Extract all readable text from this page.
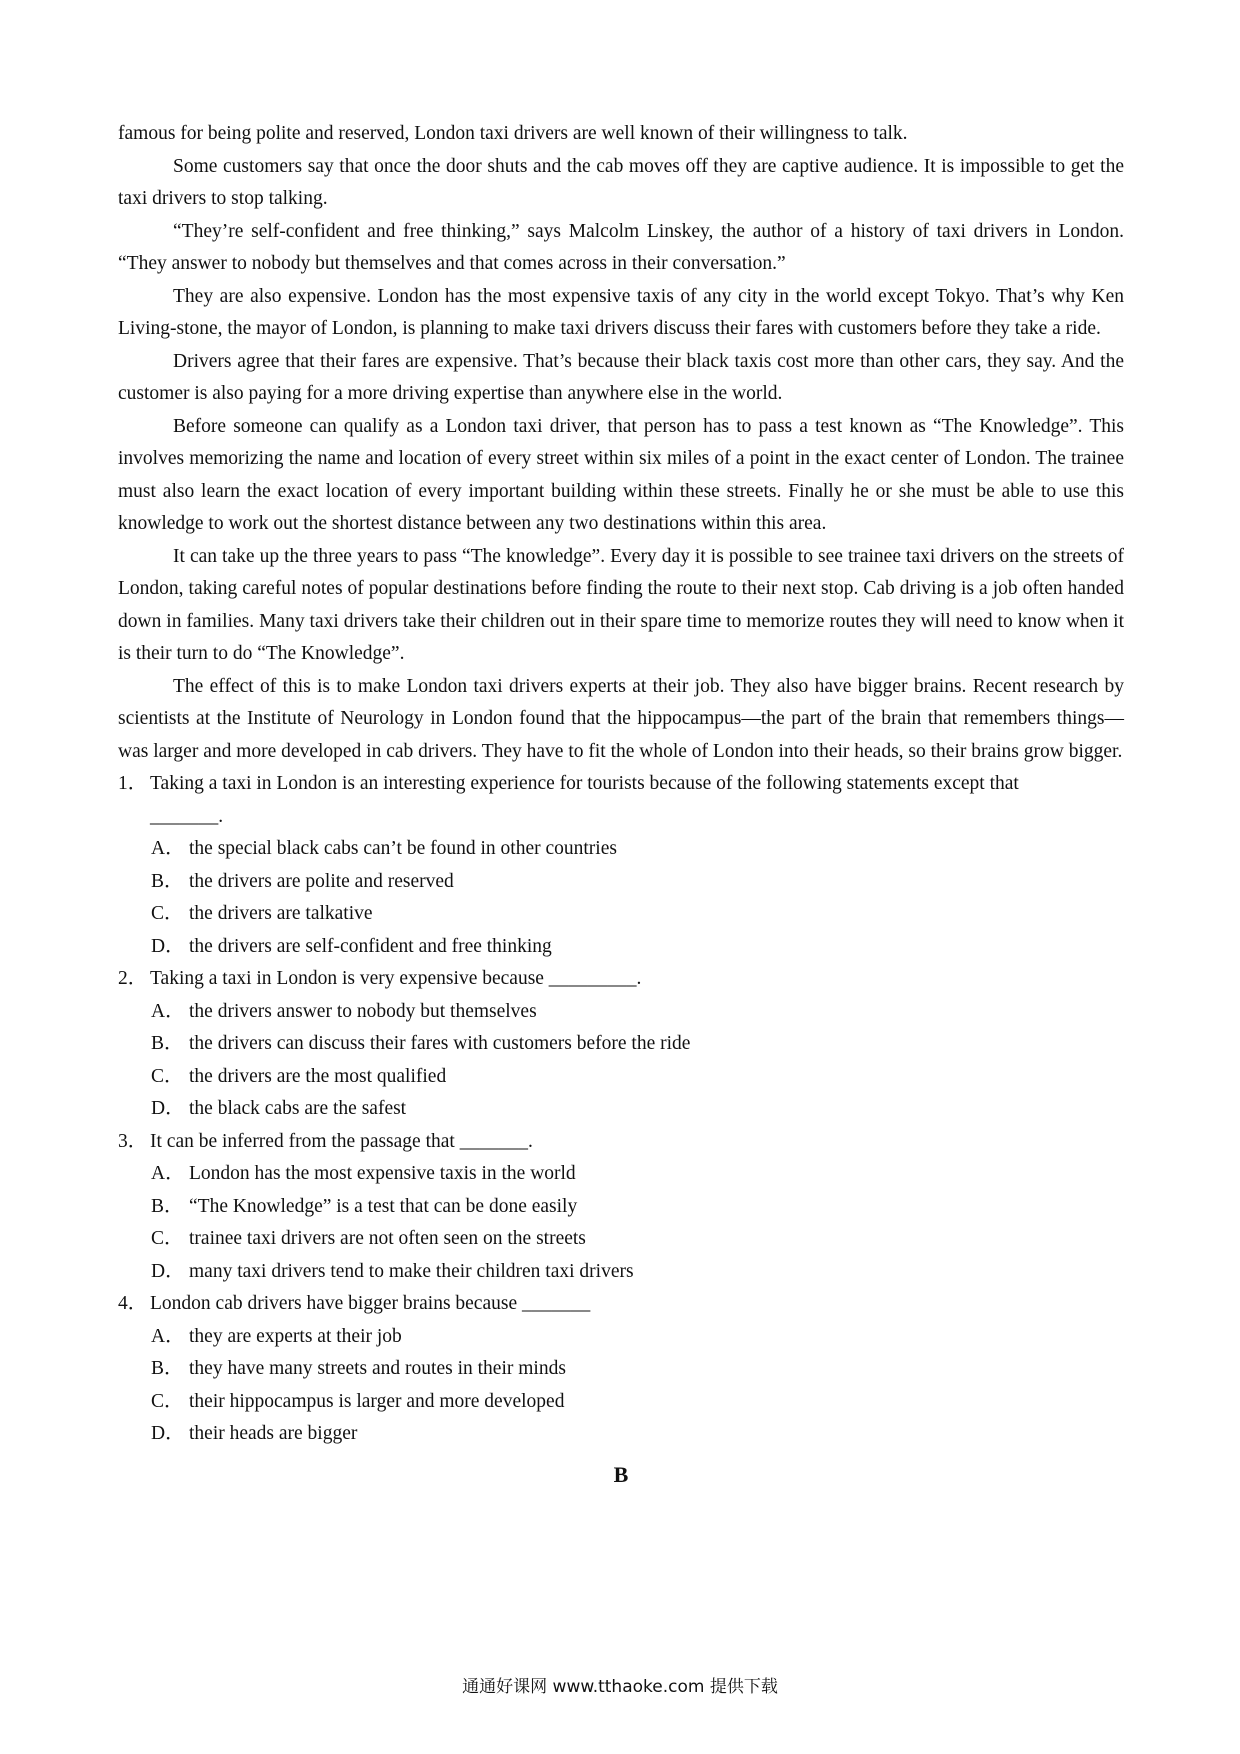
famous for being polite and reserved, London taxi drivers are well known of their willingness to talk.

Some customers say that once the door shuts and the cab moves off they are captive audience. It is impossible to get the taxi drivers to stop talking.

“They’re self-confident and free thinking,” says Malcolm Linskey, the author of a history of taxi drivers in London. “They answer to nobody but themselves and that comes across in their conversation.”

They are also expensive. London has the most expensive taxis of any city in the world except Tokyo. That’s why Ken Living-stone, the mayor of London, is planning to make taxi drivers discuss their fares with customers before they take a ride.

Drivers agree that their fares are expensive. That’s because their black taxis cost more than other cars, they say. And the customer is also paying for a more driving expertise than anywhere else in the world.

Before someone can qualify as a London taxi driver, that person has to pass a test known as “The Knowledge”. This involves memorizing the name and location of every street within six miles of a point in the exact center of London. The trainee must also learn the exact location of every important building within these streets. Finally he or she must be able to use this knowledge to work out the shortest distance between any two destinations within this area.

It can take up the three years to pass “The knowledge”. Every day it is possible to see trainee taxi drivers on the streets of London, taking careful notes of popular destinations before finding the route to their next stop. Cab driving is a job often handed down in families. Many taxi drivers take their children out in their spare time to memorize routes they will need to know when it is their turn to do “The Knowledge”.

The effect of this is to make London taxi drivers experts at their job. They also have bigger brains. Recent research by scientists at the Institute of Neurology in London found that the hippocampus—the part of the brain that remembers things—was larger and more developed in cab drivers. They have to fit the whole of London into their heads, so their brains grow bigger.

1． Taking a taxi in London is an interesting experience for tourists because of the following statements except that

_______.

A． the special black cabs can’t be found in other countries

B． the drivers are polite and reserved

C． the drivers are talkative

D． the drivers are self-confident and free thinking

2． Taking a taxi in London is very expensive because _________.

A． the drivers answer to nobody but themselves

B． the drivers can discuss their fares with customers before the ride

C． the drivers are the most qualified

D． the black cabs are the safest

3． It can be inferred from the passage that _______.

A． London has the most expensive taxis in the world

B． “The Knowledge” is a test that can be done easily

C． trainee taxi drivers are not often seen on the streets

D． many taxi drivers tend to make their children taxi drivers

4． London cab drivers have bigger brains because _______

A． they are experts at their job

B． they have many streets and routes in their minds

C． their hippocampus is larger and more developed

D． their heads are bigger

B
通通好课网 www.tthaoke.com 提供下载
